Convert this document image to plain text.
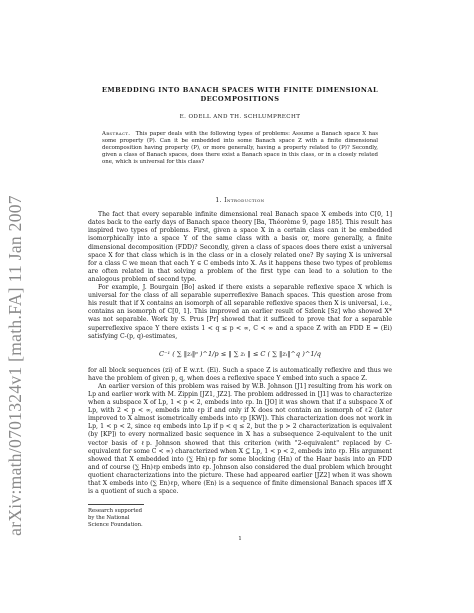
arXiv:math/0701324v1 [math.FA] 11 Jan 2007
EMBEDDING INTO BANACH SPACES WITH FINITE DIMENSIONAL
DECOMPOSITIONS
E. ODELL AND TH. SCHLUMPRECHT
Abstract. This paper deals with the following types of problems: Assume a Banach space X has some property (P). Can it be embedded into some Banach space Z with a finite dimensional decomposition having property (P), or more generally, having a property related to (P)? Secondly, given a class of Banach spaces, does there exist a Banach space in this class, or in a closely related one, which is universal for this class?
1. Introduction

The fact that every separable infinite dimensional real Banach space X embeds into C[0, 1] dates back to the early days of Banach space theory [Ba, Théorème 9, page 185]. This result has inspired two types of problems. First, given a space X in a certain class can it be embedded isomorphically into a space Y of the same class with a basis or, more generally, a finite dimensional decomposition (FDD)? Secondly, given a class of spaces does there exist a universal space X for that class which is in the class or in a closely related one? By saying X is universal for a class C we mean that each Y ∈ C embeds into X. As it happens these two types of problems are often related in that solving a problem of the first type can lead to a solution to the analogous problem of second type.

For example, J. Bourgain [Bo] asked if there exists a separable reflexive space X which is universal for the class of all separable superreflexive Banach spaces. This question arose from his result that if X contains an isomorph of all separable reflexive spaces then X is universal, i.e., contains an isomorph of C[0, 1]. This improved an earlier result of Szlenk [Sz] who showed X* was not separable. Work by S. Prus [Pr] showed that it sufficed to prove that for a separable superreflexive space Y there exists 1 < q ≤ p < ∞, C < ∞ and a space Z with an FDD E = (Ei) satisfying C-(p, q)-estimates,

C⁻¹ ( ∑ ‖zᵢ‖ᵖ )^1/p ≤ ‖ ∑ zᵢ ‖ ≤ C ( ∑ ‖zᵢ‖^q )^1/q

for all block sequences (zi) of E w.r.t. (Ei). Such a space Z is automatically reflexive and thus we have the problem of given p, q, when does a reflexive space Y embed into such a space Z.

An earlier version of this problem was raised by W.B. Johnson [J1] resulting from his work on Lp and earlier work with M. Zippin [JZ1, JZ2]. The problem addressed in [J1] was to characterize when a subspace X of Lp, 1 < p < 2, embeds into ℓp. In [JO] it was shown that if a subspace X of Lp, with 2 < p < ∞, embeds into ℓp if and only if X does not contain an isomorph of ℓ2 (later improved to X almost isometrically embeds into ℓp [KW]). This characterization does not work in Lp, 1 < p < 2, since ℓq embeds into Lp if p < q ≤ 2, but the p > 2 characterization is equivalent (by [KP]) to every normalized basic sequence in X has a subsequence 2-equivalent to the unit vector basis of ℓp. Johnson showed that this criterion (with "2-equivalent" replaced by C-equivalent for some C < ∞) characterized when X ⊆ Lp, 1 < p < 2, embeds into ℓp. His argument showed that X embedded into (∑ Hn)ℓp for some blocking (Hn) of the Haar basis into an FDD and of course (∑ Hn)ℓp embeds into ℓp. Johnson also considered the dual problem which brought quotient characterizations into the picture. These had appeared earlier [JZ2] when it was shown that X embeds into (∑ En)ℓp, where (En) is a sequence of finite dimensional Banach spaces iff X is a quotient of such a space.

Research supported by the National Science Foundation.

1
